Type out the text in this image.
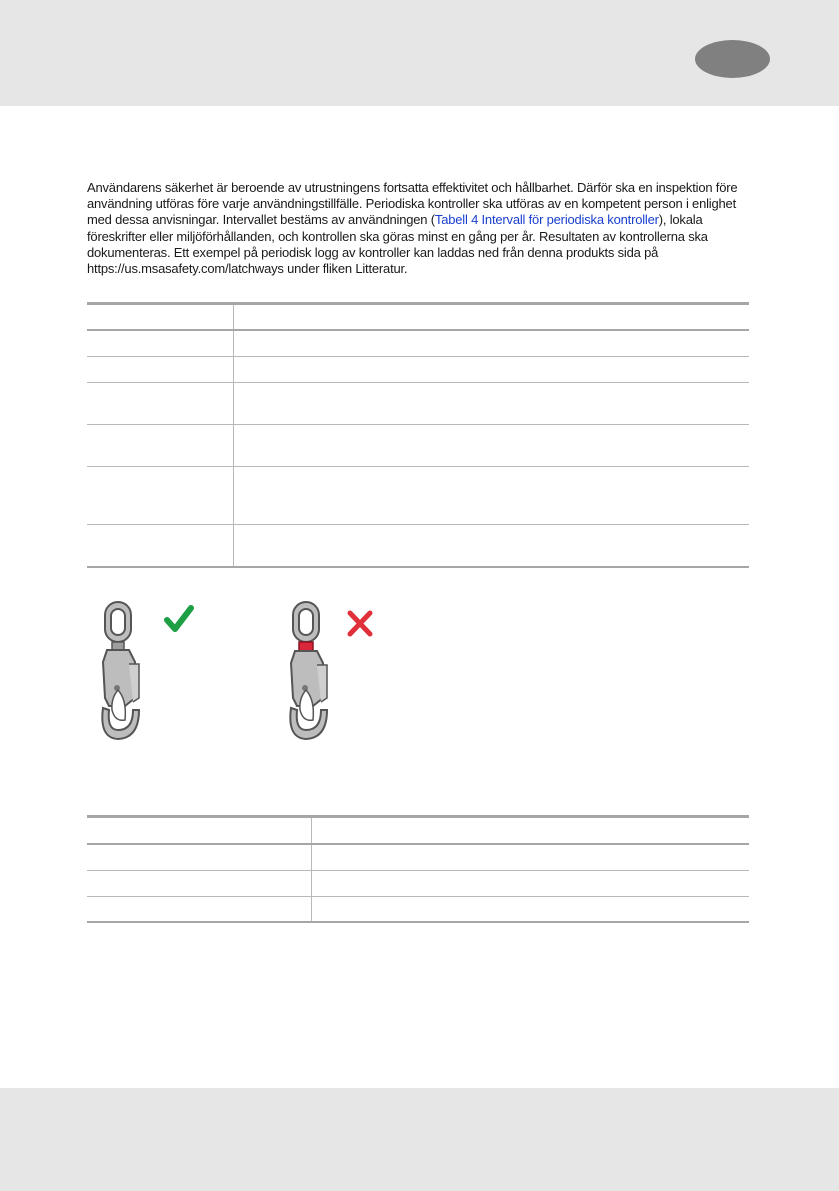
Användarens säkerhet är beroende av utrustningens fortsatta effektivitet och hållbarhet. Därför ska en inspektion före användning utföras före varje användningstillfälle. Periodiska kontroller ska utföras av en kompetent person i enlighet med dessa anvisningar. Intervallet bestäms av användningen (Tabell 4 Intervall för periodiska kontroller), lokala föreskrifter eller miljöförhållanden, och kontrollen ska göras minst en gång per år. Resultaten av kontrollerna ska dokumenteras. Ett exempel på periodisk logg av kontroller kan laddas ned från denna produkts sida på https://us.msasafety.com/latchways under fliken Litteratur.
